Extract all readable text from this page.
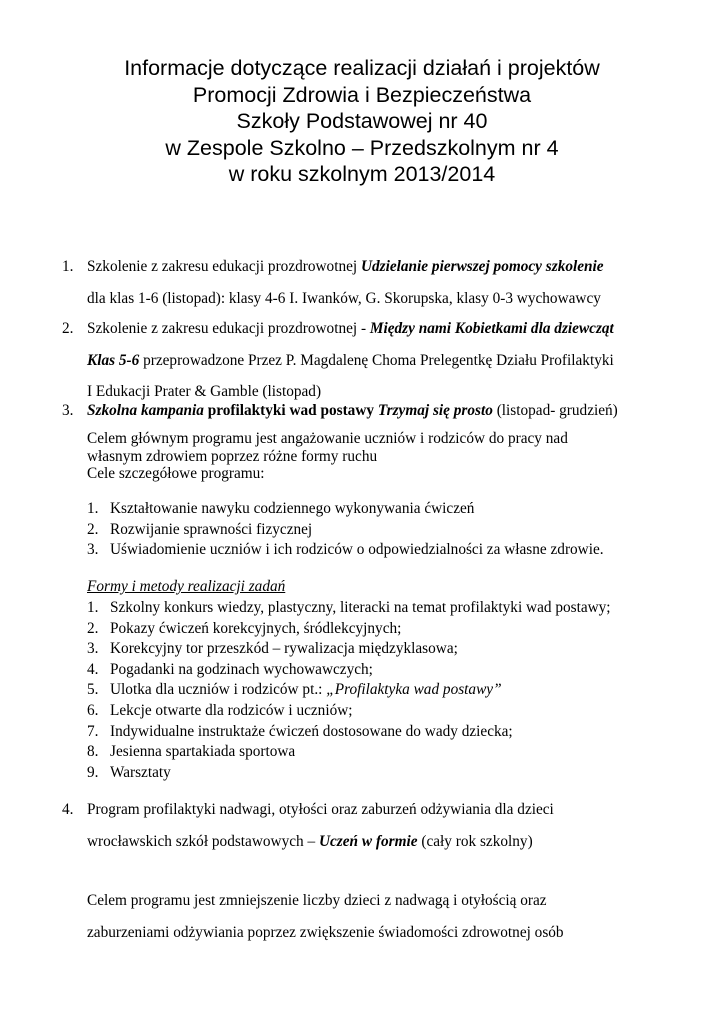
Informacje dotyczące realizacji działań i projektów
Promocji Zdrowia i Bezpieczeństwa
Szkoły Podstawowej nr 40
w Zespole Szkolno – Przedszkolnym nr 4
w roku szkolnym 2013/2014
1. Szkolenie z zakresu edukacji prozdrowotnej Udzielanie pierwszej pomocy szkolenie
dla klas 1-6 (listopad): klasy 4-6 I. Iwanków, G. Skorupska, klasy 0-3 wychowawcy
2. Szkolenie z zakresu edukacji prozdrowotnej - Między nami Kobietkami dla dziewcząt
Klas 5-6 przeprowadzone Przez P. Magdalenę Choma Prelegentkę Działu Profilaktyki
I Edukacji Prater & Gamble (listopad)
3. Szkolna kampania profilaktyki wad postawy Trzymaj się prosto (listopad- grudzień)
Celem głównym programu jest angażowanie uczniów i rodziców do pracy nad
własnym zdrowiem poprzez różne formy ruchu
Cele szczegółowe programu:
1. Kształtowanie nawyku codziennego wykonywania ćwiczeń
2. Rozwijanie sprawności fizycznej
3. Uświadomienie uczniów i ich rodziców o odpowiedzialności za własne zdrowie.
Formy i metody realizacji zadań
1. Szkolny konkurs wiedzy, plastyczny, literacki na temat profilaktyki wad postawy;
2. Pokazy ćwiczeń korekcyjnych, śródlekcyjnych;
3. Korekcyjny tor przeszkód – rywalizacja międzyklasowa;
4. Pogadanki na godzinach wychowawczych;
5. Ulotka dla uczniów i rodziców pt.: „Profilaktyka wad postawy”
6. Lekcje otwarte dla rodziców i uczniów;
7. Indywidualne instruktaże ćwiczeń dostosowane do wady dziecka;
8. Jesienna spartakiada sportowa
9. Warsztaty
4. Program profilaktyki nadwagi, otyłości oraz zaburzeń odżywiania dla dzieci
wrocławskich szkół podstawowych – Uczeń w formie (cały rok szkolny)
Celem programu jest zmniejszenie liczby dzieci z nadwagą i otyłością oraz
zaburzeniami odżywiania poprzez zwiększenie świadomości zdrowotnej osób
